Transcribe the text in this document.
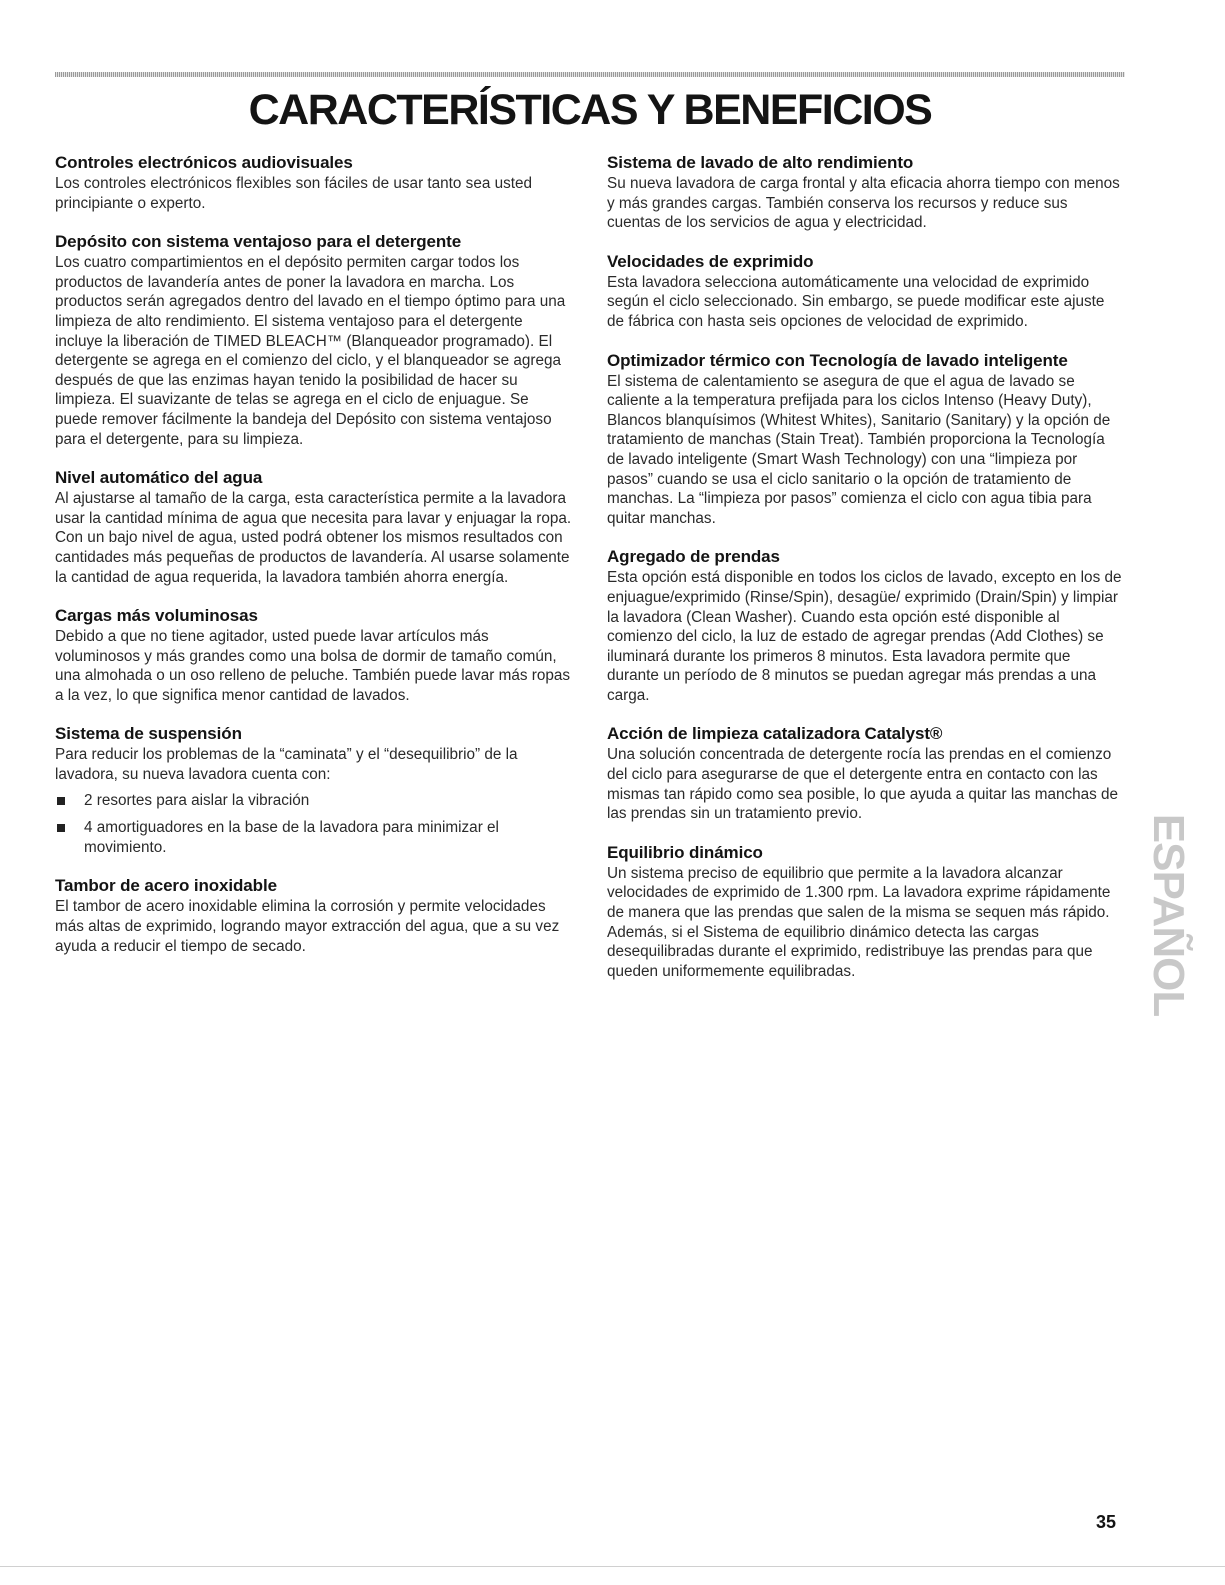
CARACTERÍSTICAS Y BENEFICIOS
Controles electrónicos audiovisuales

Los controles electrónicos flexibles son fáciles de usar tanto sea usted principiante o experto.

Depósito con sistema ventajoso para el detergente

Los cuatro compartimientos en el depósito permiten cargar todos los productos de lavandería antes de poner la lavadora en marcha. Los productos serán agregados dentro del lavado en el tiempo óptimo para una limpieza de alto rendimiento. El sistema ventajoso para el detergente incluye la liberación de TIMED BLEACH™ (Blanqueador programado). El detergente se agrega en el comienzo del ciclo, y el blanqueador se agrega después de que las enzimas hayan tenido la posibilidad de hacer su limpieza. El suavizante de telas se agrega en el ciclo de enjuague. Se puede remover fácilmente la bandeja del Depósito con sistema ventajoso para el detergente, para su limpieza.

Nivel automático del agua

Al ajustarse al tamaño de la carga, esta característica permite a la lavadora usar la cantidad mínima de agua que necesita para lavar y enjuagar la ropa. Con un bajo nivel de agua, usted podrá obtener los mismos resultados con cantidades más pequeñas de productos de lavandería. Al usarse solamente la cantidad de agua requerida, la lavadora también ahorra energía.

Cargas más voluminosas

Debido a que no tiene agitador, usted puede lavar artículos más voluminosos y más grandes como una bolsa de dormir de tamaño común, una almohada o un oso relleno de peluche. También puede lavar más ropas a la vez, lo que significa menor cantidad de lavados.

Sistema de suspensión

Para reducir los problemas de la “caminata” y el “desequilibrio” de la lavadora, su nueva lavadora cuenta con:

2 resortes para aislar la vibración
4 amortiguadores en la base de la lavadora para minimizar el movimiento.
Tambor de acero inoxidable

El tambor de acero inoxidable elimina la corrosión y permite velocidades más altas de exprimido, logrando mayor extracción del agua, que a su vez ayuda a reducir el tiempo de secado.

Sistema de lavado de alto rendimiento

Su nueva lavadora de carga frontal y alta eficacia ahorra tiempo con menos y más grandes cargas. También conserva los recursos y reduce sus cuentas de los servicios de agua y electricidad.

Velocidades de exprimido

Esta lavadora selecciona automáticamente una velocidad de exprimido según el ciclo seleccionado. Sin embargo, se puede modificar este ajuste de fábrica con hasta seis opciones de velocidad de exprimido.

Optimizador térmico con Tecnología de lavado inteligente

El sistema de calentamiento se asegura de que el agua de lavado se caliente a la temperatura prefijada para los ciclos Intenso (Heavy Duty), Blancos blanquísimos (Whitest Whites), Sanitario (Sanitary) y la opción de tratamiento de manchas (Stain Treat). También proporciona la Tecnología de lavado inteligente (Smart Wash Technology) con una “limpieza por pasos” cuando se usa el ciclo sanitario o la opción de tratamiento de manchas. La “limpieza por pasos” comienza el ciclo con agua tibia para quitar manchas.

Agregado de prendas

Esta opción está disponible en todos los ciclos de lavado, excepto en los de enjuague/exprimido (Rinse/Spin), desagüe/ exprimido (Drain/Spin) y limpiar la lavadora (Clean Washer). Cuando esta opción esté disponible al comienzo del ciclo, la luz de estado de agregar prendas (Add Clothes) se iluminará durante los primeros 8 minutos. Esta lavadora permite que durante un período de 8 minutos se puedan agregar más prendas a una carga.

Acción de limpieza catalizadora Catalyst®

Una solución concentrada de detergente rocía las prendas en el comienzo del ciclo para asegurarse de que el detergente entra en contacto con las mismas tan rápido como sea posible, lo que ayuda a quitar las manchas de las prendas sin un tratamiento previo.

Equilibrio dinámico

Un sistema preciso de equilibrio que permite a la lavadora alcanzar velocidades de exprimido de 1.300 rpm. La lavadora exprime rápidamente de manera que las prendas que salen de la misma se sequen más rápido. Además, si el Sistema de equilibrio dinámico detecta las cargas desequilibradas durante el exprimido, redistribuye las prendas para que queden uniformemente equilibradas.	ESPAÑOL
35
